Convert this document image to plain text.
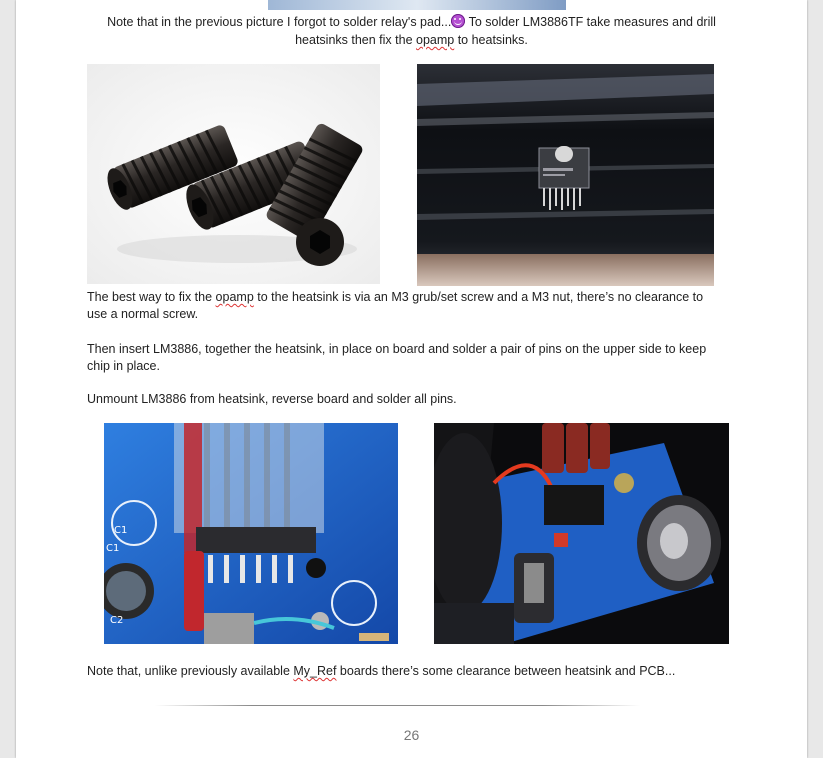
Note that in the previous picture I forgot to solder relay's pad... To solder LM3886TF take measures and drill
heatsinks then fix the opamp to heatsinks.
The best way to fix the opamp to the heatsink is via an M3 grub/set screw and a M3 nut, there’s no clearance to
use a normal screw.
Then insert LM3886, together the heatsink, in place on board and solder a pair of pins on the upper side to keep
chip in place.
Unmount LM3886 from heatsink, reverse board and solder all pins.
C1
C1
C2
Note that, unlike previously available My_Ref boards there’s some clearance between heatsink and PCB...
26
